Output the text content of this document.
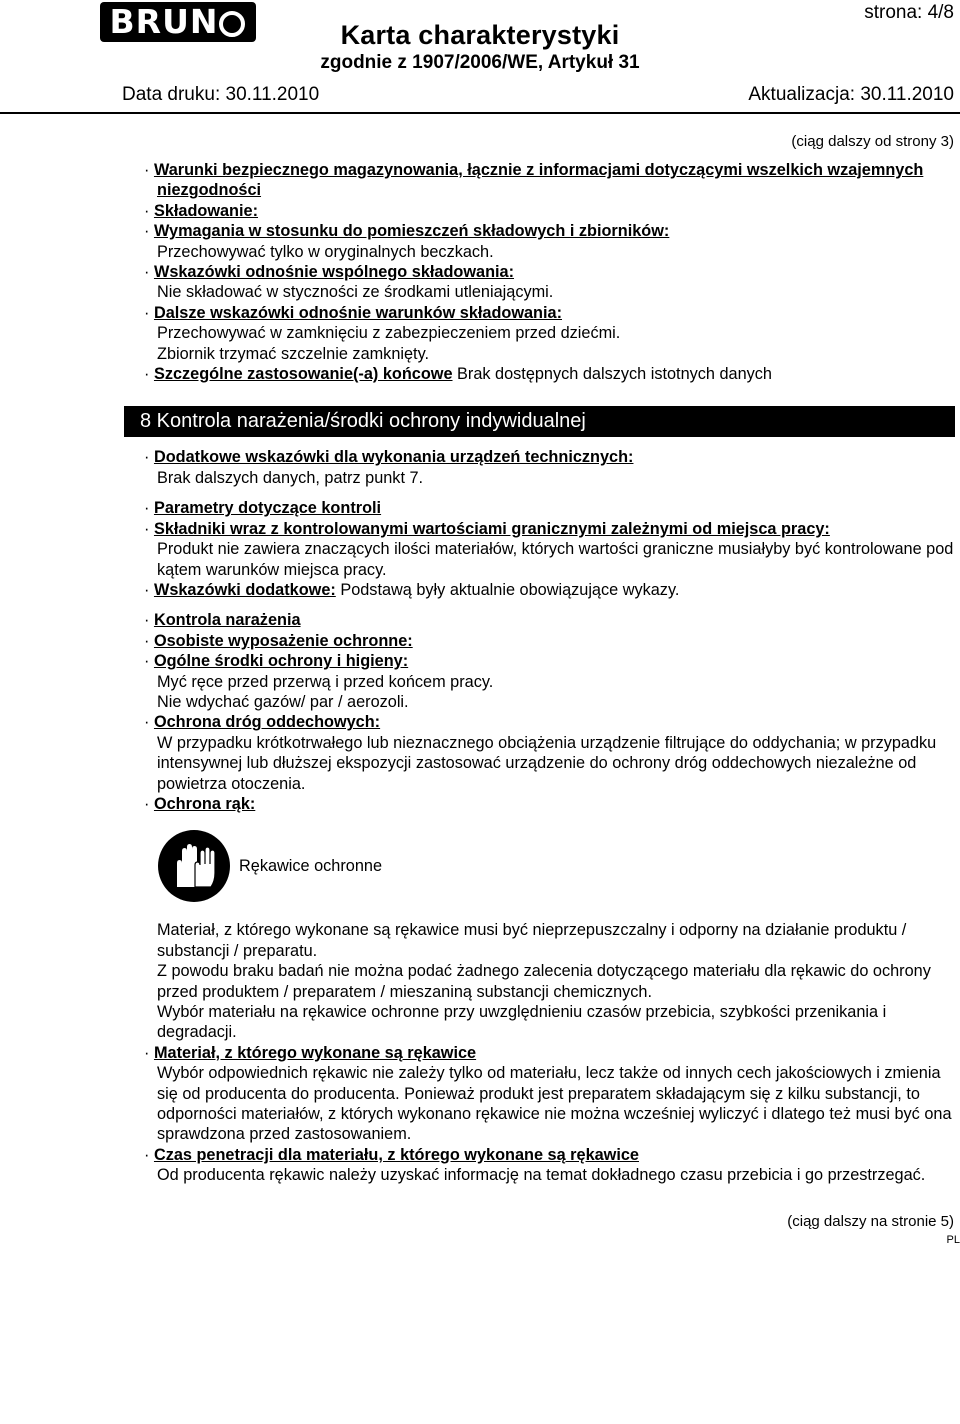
BRUNX
strona: 4/8
Karta charakterystyki
zgodnie z 1907/2006/WE, Artykuł 31
Data druku: 30.11.2010	Aktualizacja: 30.11.2010
(ciąg dalszy od strony 3)

· Warunki bezpiecznego magazynowania, łącznie z informacjami dotyczącymi wszelkich wzajemnych niezgodności

· Składowanie:

· Wymagania w stosunku do pomieszczeń składowych i zbiorników:

Przechowywać tylko w oryginalnych beczkach.

· Wskazówki odnośnie wspólnego składowania:

Nie składować w styczności ze środkami utleniającymi.

· Dalsze wskazówki odnośnie warunków składowania:

Przechowywać w zamknięciu z zabezpieczeniem przed dziećmi.

Zbiornik trzymać szczelnie zamknięty.

· Szczególne zastosowanie(-a) końcowe Brak dostępnych dalszych istotnych danych

8 Kontrola narażenia/środki ochrony indywidualnej

· Dodatkowe wskazówki dla wykonania urządzeń technicznych:

Brak dalszych danych, patrz punkt 7.

· Parametry dotyczące kontroli

· Składniki wraz z kontrolowanymi wartościami granicznymi zależnymi od miejsca pracy:

Produkt nie zawiera znaczących ilości materiałów, których wartości graniczne musiałyby być kontrolowane pod kątem warunków miejsca pracy.

· Wskazówki dodatkowe: Podstawą były aktualnie obowiązujące wykazy.

· Kontrola narażenia

· Osobiste wyposażenie ochronne:

· Ogólne środki ochrony i higieny:

Myć ręce przed przerwą i przed końcem pracy.

Nie wdychać gazów/ par / aerozoli.

· Ochrona dróg oddechowych:

W przypadku krótkotrwałego lub nieznacznego obciążenia urządzenie filtrujące do oddychania; w przypadku intensywnej lub dłuższej ekspozycji zastosować urządzenie do ochrony dróg oddechowych niezależne od powietrza otoczenia.

· Ochrona rąk:

Rękawice ochronne

Materiał, z którego wykonane są rękawice musi być nieprzepuszczalny i odporny na działanie produktu / substancji / preparatu.

Z powodu braku badań nie można podać żadnego zalecenia dotyczącego materiału dla rękawic do ochrony przed produktem / preparatem / mieszaniną substancji chemicznych.

Wybór materiału na rękawice ochronne przy uwzględnieniu czasów przebicia, szybkości przenikania i degradacji.

· Materiał, z którego wykonane są rękawice

Wybór odpowiednich rękawic nie zależy tylko od materiału, lecz także od innych cech jakościowych i zmienia się od producenta do producenta. Ponieważ produkt jest preparatem składającym się z kilku substancji, to odporności materiałów, z których wykonano rękawice nie można wcześniej wyliczyć i dlatego też musi być ona sprawdzona przed zastosowaniem.

· Czas penetracji dla materiału, z którego wykonane są rękawice

Od producenta rękawic należy uzyskać informację na temat dokładnego czasu przebicia i go przestrzegać.

(ciąg dalszy na stronie 5)
PL
